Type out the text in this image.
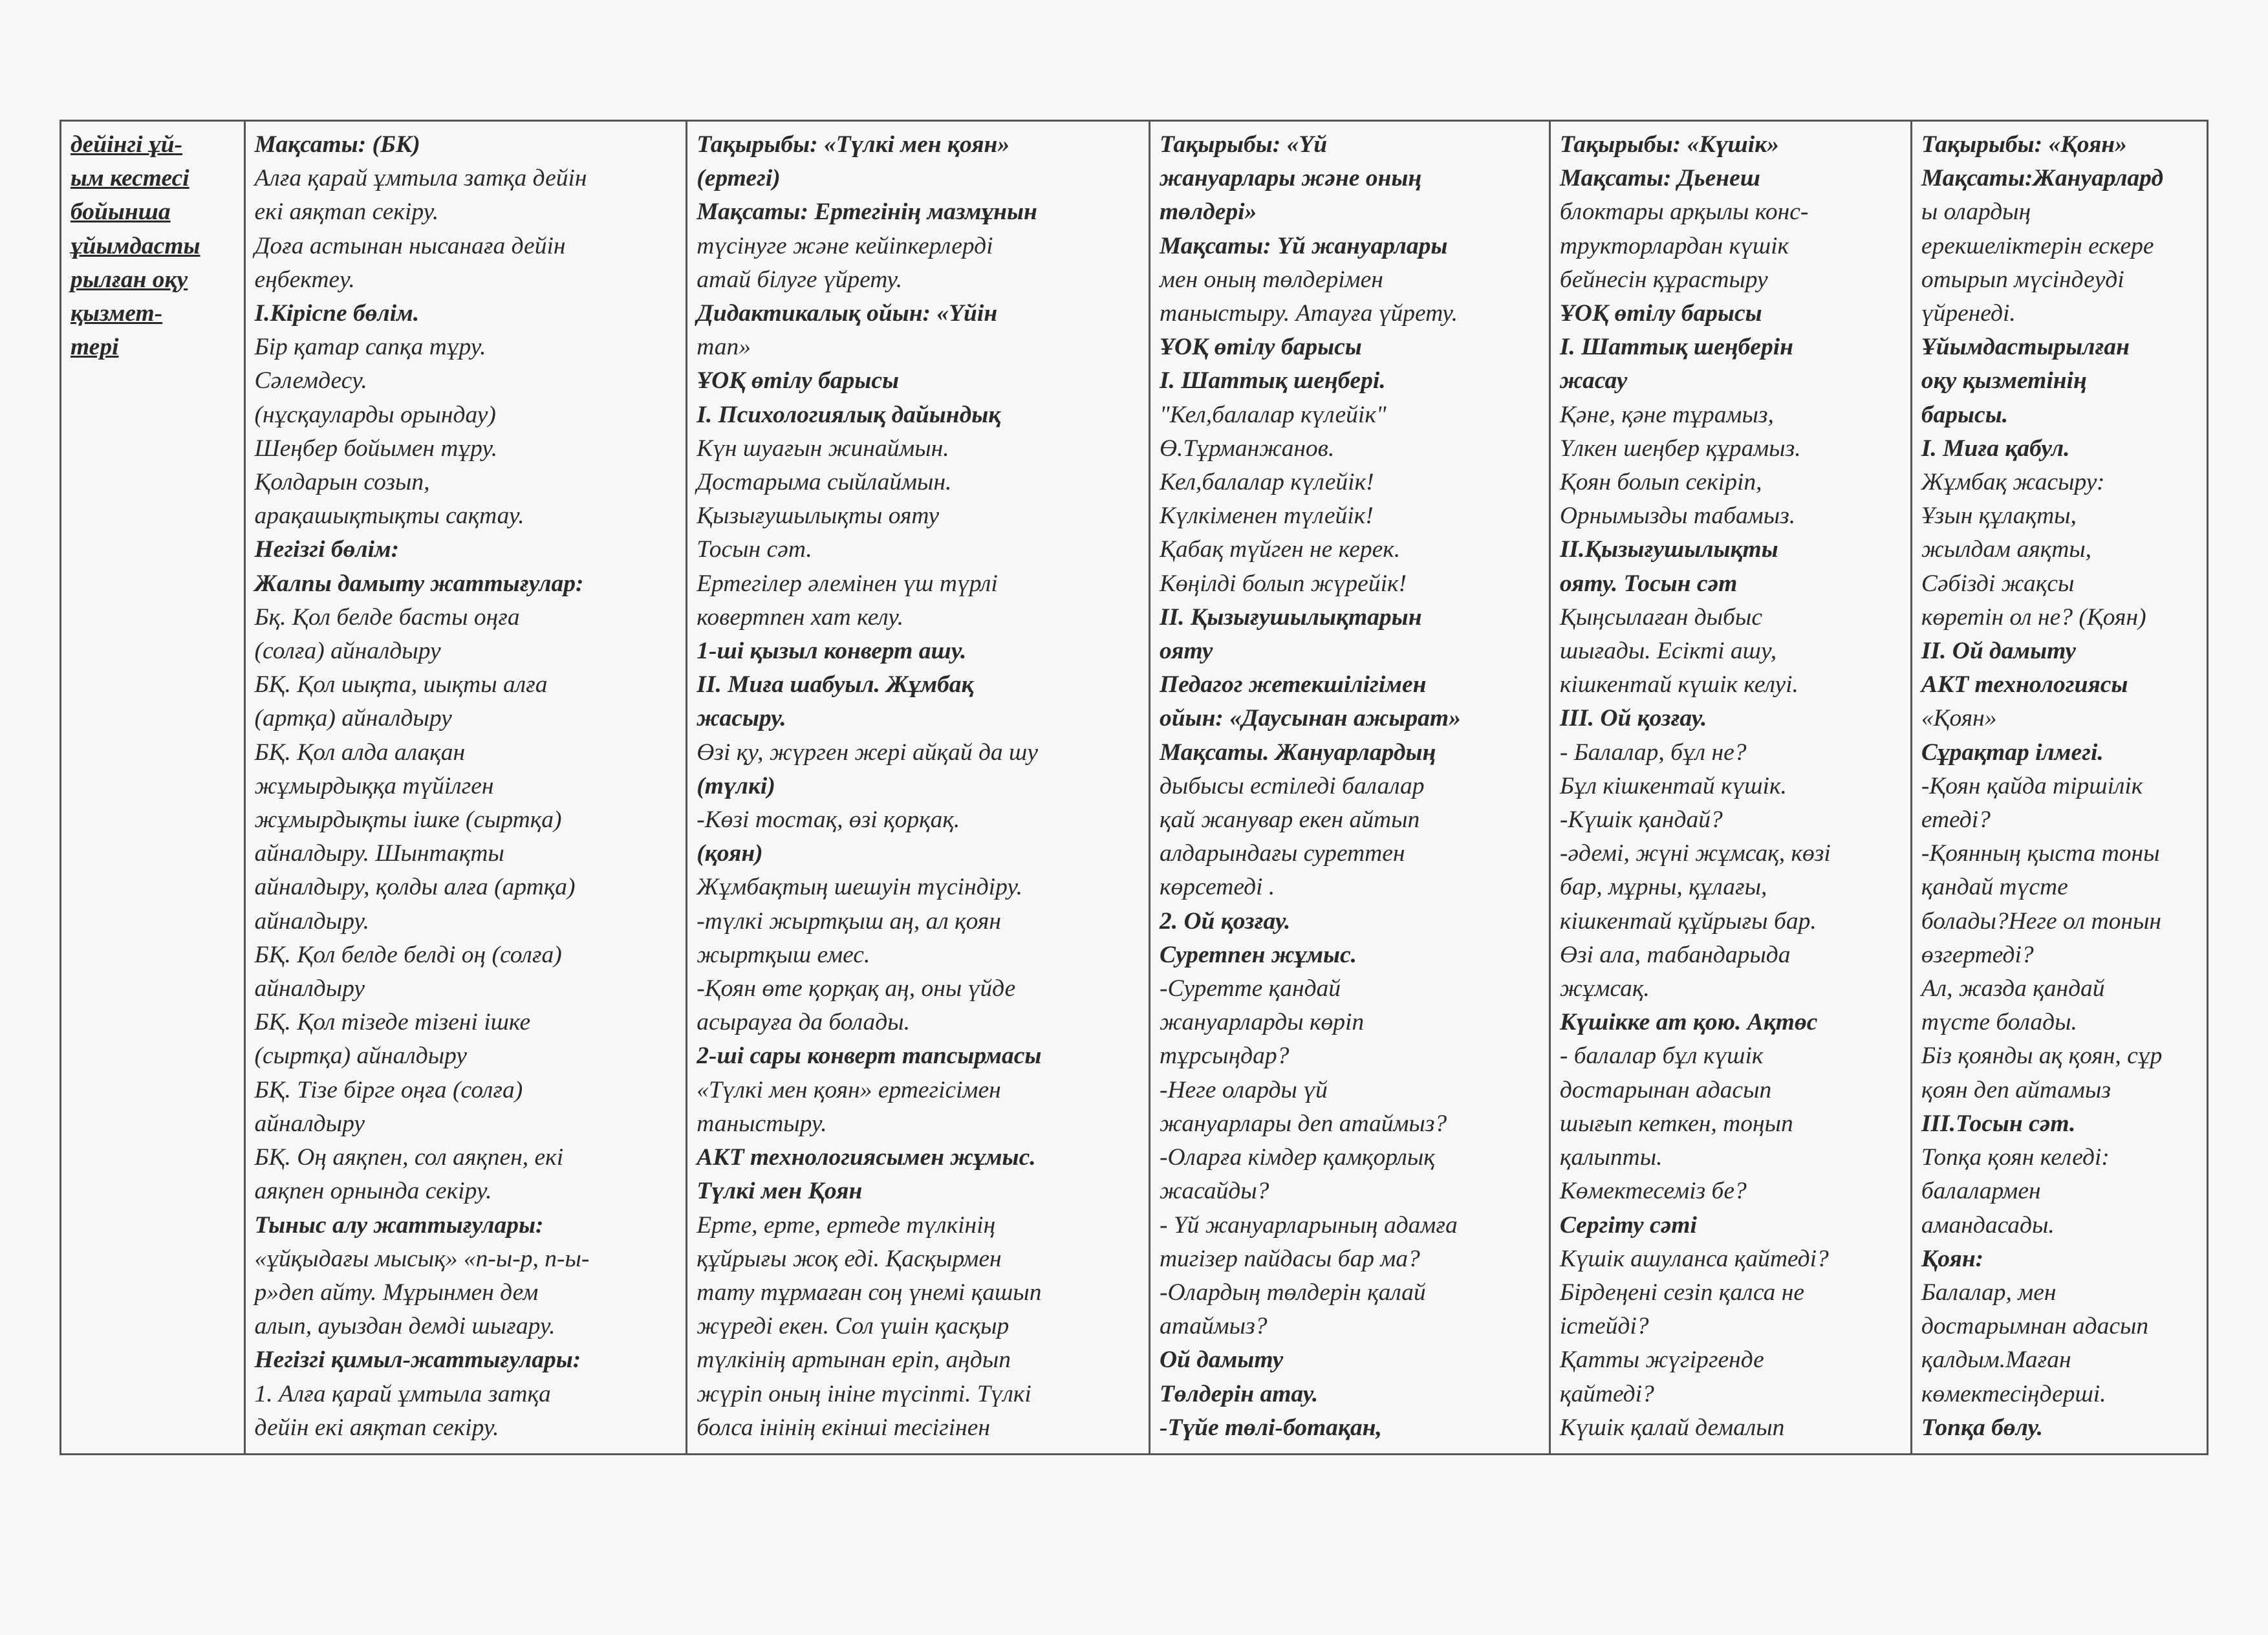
дейінгі ұй-
ым кестесі
бойынша
ұйымдасты
рылған оқу
қызмет-
тері
Мақсаты: (БК)
Алға қарай ұмтыла затқа дейін
екі аяқтап секіру.
Доға астынан нысанаға дейін
еңбектеу.
І.Кіріспе бөлім.
Бір қатар сапқа тұру.
Сәлемдесу.
(нұсқауларды орындау)
Шеңбер бойымен тұру.
Қолдарын созып,
арақашықтықты сақтау.
Негізгі бөлім:
Жалпы дамыту жаттығулар:
Бқ. Қол белде басты оңға
(солға) айналдыру
БҚ. Қол иықта, иықты алға
(артқа) айналдыру
БҚ. Қол алда алақан
жұмырдыққа түйілген
жұмырдықты ішке (сыртқа)
айналдыру. Шынтақты
айналдыру, қолды алға (артқа)
айналдыру.
БҚ. Қол белде белді оң (солға)
айналдыру
БҚ. Қол тізеде тізені ішке
(сыртқа) айналдыру
БҚ. Тізе бірге оңға (солға)
айналдыру
БҚ. Оң аяқпен, сол аяқпен, екі
аяқпен орнында секіру.
Тыныс алу жаттығулары:
«ұйқыдағы мысық» «п-ы-р, п-ы-
р»деп айту. Мұрынмен дем
алып, ауыздан демді шығару.
Негізгі қимыл-жаттығулары:
1. Алға қарай ұмтыла затқа
дейін екі аяқтап секіру.
Тақырыбы: «Түлкі мен қоян»
(ертегі)
Мақсаты: Ертегінің мазмұнын
түсінуге және кейіпкерлерді
атай білуге үйрету.
Дидактикалық ойын: «Үйін
тап»
ҰОҚ өтілу барысы
І. Психологиялық дайындық
Күн шуағын жинаймын.
Достарыма сыйлаймын.
Қызығушылықты ояту
Тосын сәт.
Ертегілер әлемінен үш түрлі
ковертпен хат келу.
1-ші қызыл конверт ашу.
ІІ. Миға шабуыл. Жұмбақ
жасыру.
Өзі қу, жүрген жері айқай да шу
(түлкі)
-Көзі тостақ, өзі қорқақ.
(қоян)
Жұмбақтың шешуін түсіндіру.
-түлкі жыртқыш аң, ал қоян
жыртқыш емес.
-Қоян өте қорқақ аң, оны үйде
асырауға да болады.
2-ші сары конверт тапсырмасы
«Түлкі мен қоян» ертегісімен
таныстыру.
АКТ технологиясымен жұмыс.
Түлкі мен Қоян
Ерте, ерте, ертеде түлкінің
құйрығы жоқ еді. Қасқырмен
тату тұрмаған соң үнемі қашып
жүреді екен. Сол үшін қасқыр
түлкінің артынан еріп, аңдып
жүріп оның ініне түсіпті. Түлкі
болса інінің екінші тесігінен
Тақырыбы: «Үй
жануарлары және оның
төлдері»
Мақсаты: Үй жануарлары
мен оның төлдерімен
таныстыру. Атауға үйрету.
ҰОҚ өтілу барысы
І. Шаттық шеңбері.
"Кел,балалар күлейік"
Ө.Тұрманжанов.
Кел,балалар күлейік!
Күлкіменен түлейік!
Қабақ түйген не керек.
Көңілді болып жүрейік!
ІІ. Қызығушылықтарын
ояту
Педагог жетекшілігімен
ойын: «Даусынан ажырат»
Мақсаты. Жануарлардың
дыбысы естіледі балалар
қай жанувар екен айтып
алдарындағы суреттен
көрсетеді .
2. Ой қозғау.
Суретпен жұмыс.
-Суретте қандай
жануарларды көріп
тұрсыңдар?
-Неге оларды үй
жануарлары деп атаймыз?
-Оларға кімдер қамқорлық
жасайды?
- Үй жануарларының адамға
тигізер пайдасы бар ма?
-Олардың төлдерін қалай
атаймыз?
Ой дамыту
Төлдерін атау.
-Түйе төлі-ботақан,
Тақырыбы: «Күшік»
Мақсаты: Дьенеш
блоктары арқылы конс-
трукторлардан күшік
бейнесін құрастыру
ҰОҚ өтілу барысы
І. Шаттық шеңберін
жасау
Қәне, қәне тұрамыз,
Үлкен шеңбер құрамыз.
Қоян болып секіріп,
Орнымызды табамыз.
ІІ.Қызығушылықты
ояту. Тосын сәт
Қыңсылаған дыбыс
шығады. Есікті ашу,
кішкентай күшік келуі.
ІІІ. Ой қозғау.
- Балалар, бұл не?
Бұл кішкентай күшік.
-Күшік қандай?
-әдемі, жүні жұмсақ, көзі
бар, мұрны, құлағы,
кішкентай құйрығы бар.
Өзі ала, табандарыда
жұмсақ.
Күшікке ат қою. Ақтөс
- балалар бұл күшік
достарынан адасып
шығып кеткен, тоңып
қалыпты.
Көмектесеміз бе?
Сергіту сәті
Күшік ашуланса қайтеді?
Бірдеңені сезіп қалса не
істейді?
Қатты жүгіргенде
қайтеді?
Күшік қалай демалып
Тақырыбы: «Қоян»
Мақсаты:Жануарлард
ы олардың
ерекшеліктерін ескере
отырып мүсіндеуді
үйренеді.
Ұйымдастырылған
оқу қызметінің
барысы.
І. Миға қабул.
Жұмбақ жасыру:
Ұзын құлақты,
жылдам аяқты,
Сәбізді жақсы
көретін ол не? (Қоян)
ІІ. Ой дамыту
АКТ технологиясы
«Қоян»
Сұрақтар ілмегі.
-Қоян қайда тіршілік
етеді?
-Қоянның қыста тоны
қандай түсте
болады?Неге ол тонын
өзгертеді?
Ал, жазда қандай
түсте болады.
Біз қоянды ақ қоян, сұр
қоян деп айтамыз
ІІІ.Тосын сәт.
Топқа қоян келеді:
балалармен
амандасады.
Қоян:
Балалар, мен
достарымнан адасып
қалдым.Маған
көмектесіңдерші.
Топқа бөлу.
